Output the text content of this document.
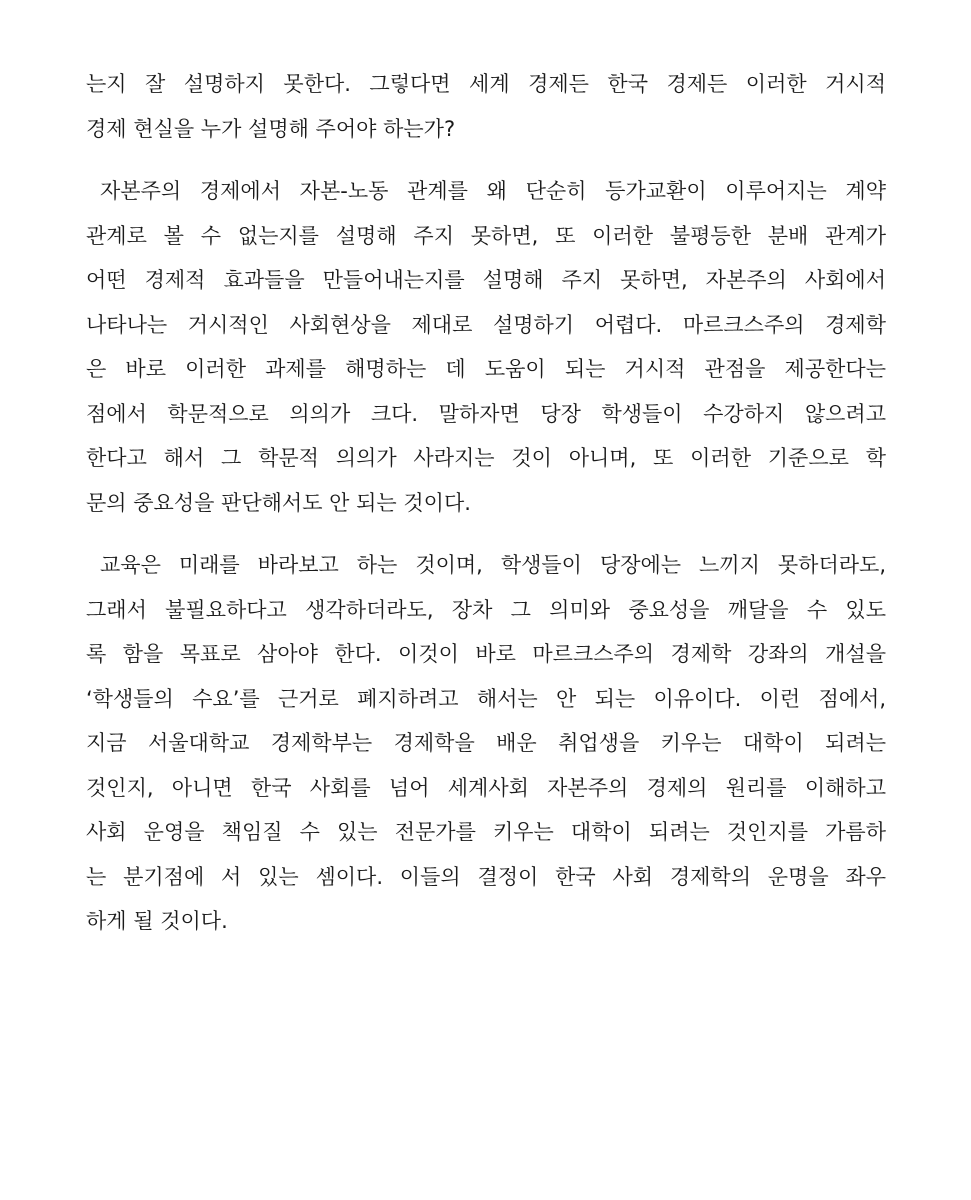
는지 잘 설명하지 못한다. 그렇다면 세계 경제든 한국 경제든 이러한 거시적
경제 현실을 누가 설명해 주어야 하는가?
자본주의 경제에서 자본-노동 관계를 왜 단순히 등가교환이 이루어지는 계약
관계로 볼 수 없는지를 설명해 주지 못하면, 또 이러한 불평등한 분배 관계가
어떤 경제적 효과들을 만들어내는지를 설명해 주지 못하면, 자본주의 사회에서
나타나는 거시적인 사회현상을 제대로 설명하기 어렵다. 마르크스주의 경제학
은 바로 이러한 과제를 해명하는 데 도움이 되는 거시적 관점을 제공한다는
점에서 학문적으로 의의가 크다. 말하자면 당장 학생들이 수강하지 않으려고
한다고 해서 그 학문적 의의가 사라지는 것이 아니며, 또 이러한 기준으로 학
문의 중요성을 판단해서도 안 되는 것이다.
교육은 미래를 바라보고 하는 것이며, 학생들이 당장에는 느끼지 못하더라도,
그래서 불필요하다고 생각하더라도, 장차 그 의미와 중요성을 깨달을 수 있도
록 함을 목표로 삼아야 한다. 이것이 바로 마르크스주의 경제학 강좌의 개설을
‘학생들의 수요’를 근거로 폐지하려고 해서는 안 되는 이유이다. 이런 점에서,
지금 서울대학교 경제학부는 경제학을 배운 취업생을 키우는 대학이 되려는
것인지, 아니면 한국 사회를 넘어 세계사회 자본주의 경제의 원리를 이해하고
사회 운영을 책임질 수 있는 전문가를 키우는 대학이 되려는 것인지를 가름하
는 분기점에 서 있는 셈이다. 이들의 결정이 한국 사회 경제학의 운명을 좌우
하게 될 것이다.
